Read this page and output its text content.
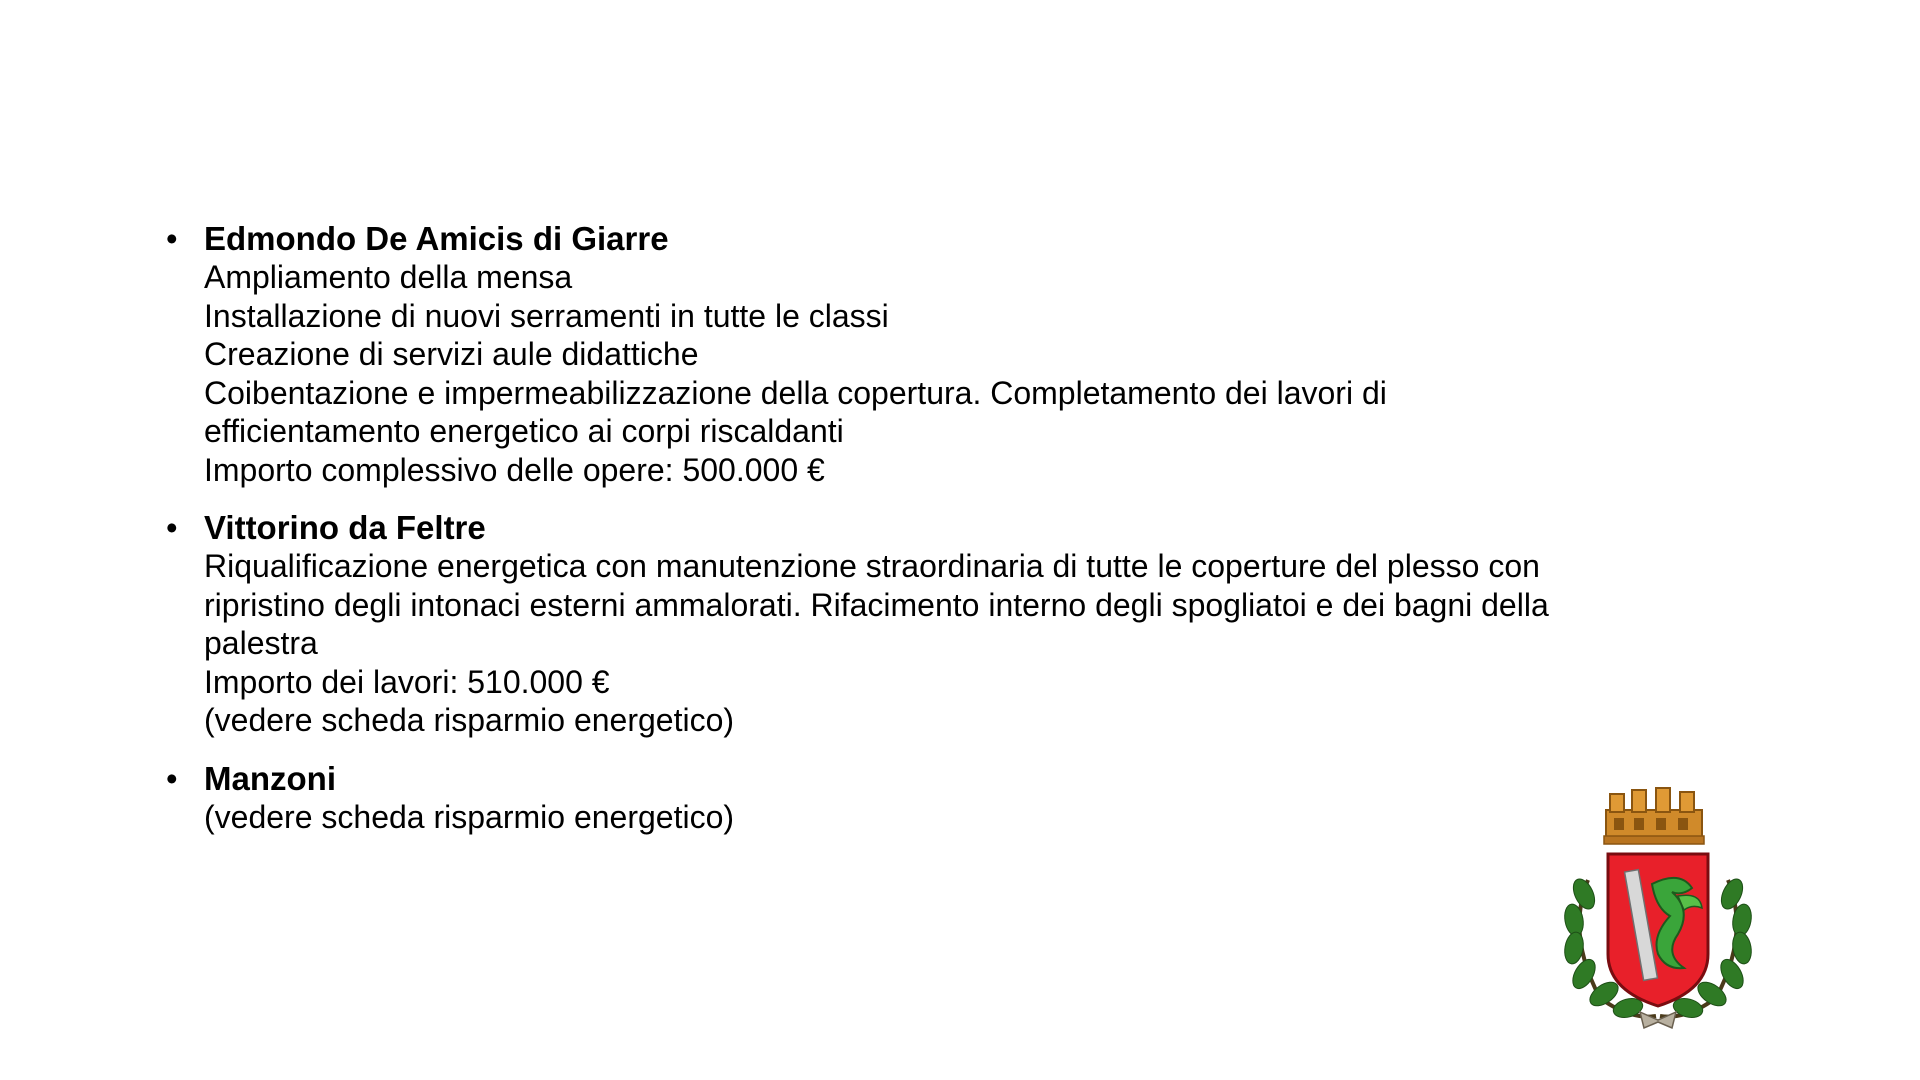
• Edmondo De Amicis di Giarre
Ampliamento della mensa
Installazione di nuovi serramenti in tutte le classi
Creazione di servizi aule didattiche
Coibentazione e impermeabilizzazione della copertura. Completamento dei lavori di
efficientamento energetico ai corpi riscaldanti
Importo complessivo delle opere: 500.000 €
• Vittorino da Feltre
Riqualificazione energetica con manutenzione straordinaria di tutte le coperture del plesso con
ripristino degli intonaci esterni ammalorati. Rifacimento interno degli spogliatoi e dei bagni della
palestra
Importo dei lavori: 510.000 €
(vedere scheda risparmio energetico)
• Manzoni
(vedere scheda risparmio energetico)
